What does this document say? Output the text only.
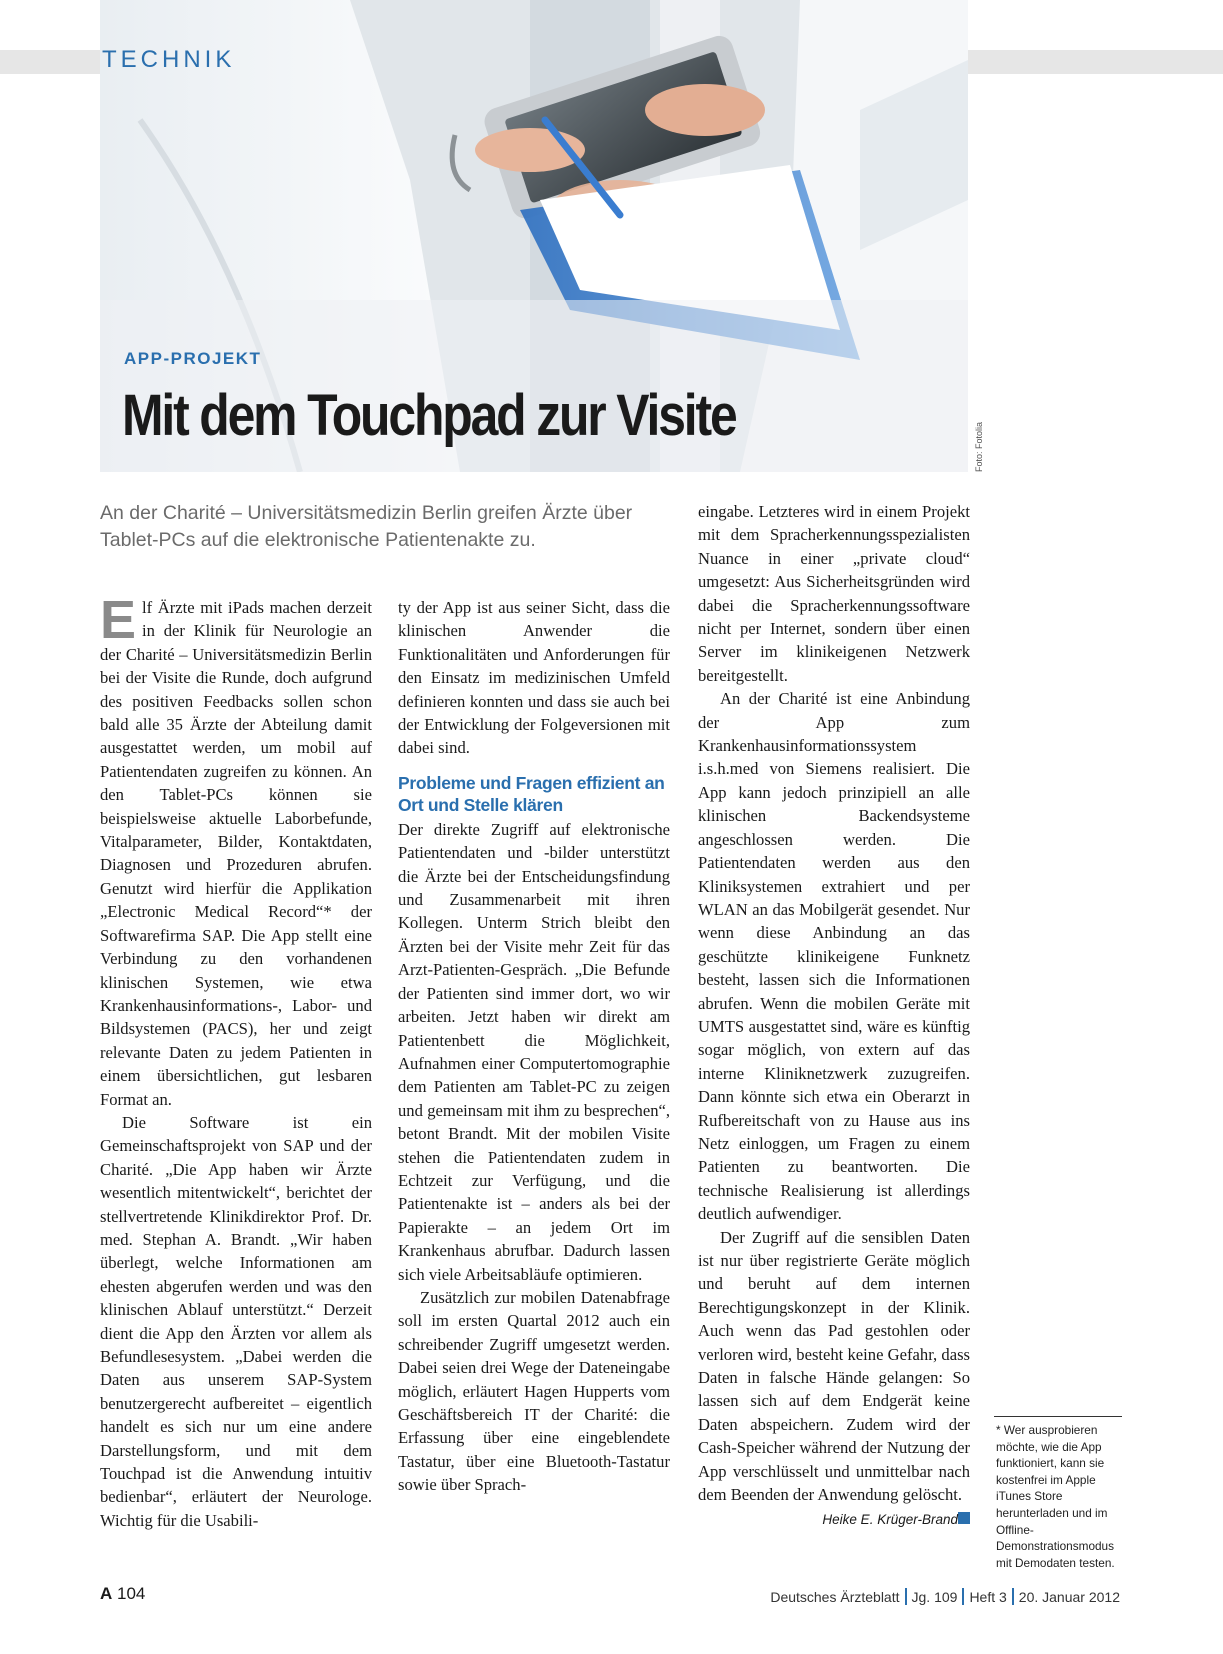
TECHNIK
APP-PROJEKT
Mit dem Touchpad zur Visite	Foto: Fotolia
An der Charité – Universitätsmedizin Berlin greifen Ärzte über Tablet-PCs auf die elektronische Patientenakte zu.

Elf Ärzte mit iPads machen derzeit in der Klinik für Neurologie an der Charité – Universitätsmedizin Berlin bei der Visite die Runde, doch aufgrund des positiven Feedbacks sollen schon bald alle 35 Ärzte der Abteilung damit ausgestattet werden, um mobil auf Patientendaten zugreifen zu können. An den Tablet-PCs können sie beispielsweise aktuelle Laborbefunde, Vitalparameter, Bilder, Kontaktdaten, Diagnosen und Prozeduren abrufen. Genutzt wird hierfür die Applikation „Electronic Medical Record“* der Softwarefirma SAP. Die App stellt eine Verbindung zu den vorhandenen klinischen Systemen, wie etwa Krankenhausinformations-, Labor- und Bildsystemen (PACS), her und zeigt relevante Daten zu jedem Patienten in einem übersichtlichen, gut lesbaren Format an.

Die Software ist ein Gemeinschaftsprojekt von SAP und der Charité. „Die App haben wir Ärzte wesentlich mitentwickelt“, berichtet der stellvertretende Klinikdirektor Prof. Dr. med. Stephan A. Brandt. „Wir haben überlegt, welche Informationen am ehesten abgerufen werden und was den klinischen Ablauf unterstützt.“ Derzeit dient die App den Ärzten vor allem als Befundlesesystem. „Dabei werden die Daten aus unserem SAP-System benutzergerecht aufbereitet – eigentlich handelt es sich nur um eine andere Darstellungsform, und mit dem Touchpad ist die Anwendung intuitiv bedienbar“, erläutert der Neurologe. Wichtig für die Usabili-

ty der App ist aus seiner Sicht, dass die klinischen Anwender die Funktionalitäten und Anforderungen für den Einsatz im medizinischen Umfeld definieren konnten und dass sie auch bei der Entwicklung der Folgeversionen mit dabei sind.

Probleme und Fragen effizient an Ort und Stelle klären

Der direkte Zugriff auf elektronische Patientendaten und -bilder unterstützt die Ärzte bei der Entscheidungsfindung und Zusammenarbeit mit ihren Kollegen. Unterm Strich bleibt den Ärzten bei der Visite mehr Zeit für das Arzt-Patienten-Gespräch. „Die Befunde der Patienten sind immer dort, wo wir arbeiten. Jetzt haben wir direkt am Patientenbett die Möglichkeit, Aufnahmen einer Computertomographie dem Patienten am Tablet-PC zu zeigen und gemeinsam mit ihm zu besprechen“, betont Brandt. Mit der mobilen Visite stehen die Patientendaten zudem in Echtzeit zur Verfügung, und die Patientenakte ist – anders als bei der Papierakte – an jedem Ort im Krankenhaus abrufbar. Dadurch lassen sich viele Arbeitsabläufe optimieren.

Zusätzlich zur mobilen Datenabfrage soll im ersten Quartal 2012 auch ein schreibender Zugriff umgesetzt werden. Dabei seien drei Wege der Dateneingabe möglich, erläutert Hagen Hupperts vom Geschäftsbereich IT der Charité: die Erfassung über eine eingeblendete Tastatur, über eine Bluetooth-Tastatur sowie über Sprach-

eingabe. Letzteres wird in einem Projekt mit dem Spracherkennungsspezialisten Nuance in einer „private cloud“ umgesetzt: Aus Sicherheitsgründen wird dabei die Spracherkennungssoftware nicht per Internet, sondern über einen Server im klinikeigenen Netzwerk bereitgestellt.

An der Charité ist eine Anbindung der App zum Krankenhausinformationssystem i.s.h.med von Siemens realisiert. Die App kann jedoch prinzipiell an alle klinischen Backendsysteme angeschlossen werden. Die Patientendaten werden aus den Kliniksystemen extrahiert und per WLAN an das Mobilgerät gesendet. Nur wenn diese Anbindung an das geschützte klinikeigene Funknetz besteht, lassen sich die Informationen abrufen. Wenn die mobilen Geräte mit UMTS ausgestattet sind, wäre es künftig sogar möglich, von extern auf das interne Kliniknetzwerk zuzugreifen. Dann könnte sich etwa ein Oberarzt in Rufbereitschaft von zu Hause aus ins Netz einloggen, um Fragen zu einem Patienten zu beantworten. Die technische Realisierung ist allerdings deutlich aufwendiger.

Der Zugriff auf die sensiblen Daten ist nur über registrierte Geräte möglich und beruht auf dem internen Berechtigungskonzept in der Klinik. Auch wenn das Pad gestohlen oder verloren wird, besteht keine Gefahr, dass Daten in falsche Hände gelangen: So lassen sich auf dem Endgerät keine Daten abspeichern. Zudem wird der Cash-Speicher während der Nutzung der App verschlüsselt und unmittelbar nach dem Beenden der Anwendung gelöscht.

Heike E. Krüger-Brand
* Wer ausprobieren möchte, wie die App funktioniert, kann sie kostenfrei im Apple iTunes Store herunterladen und im Offline-Demonstrationsmodus mit Demodaten testen.
A 104	Deutsches Ärzteblatt Jg. 109 Heft 3 20. Januar 2012
